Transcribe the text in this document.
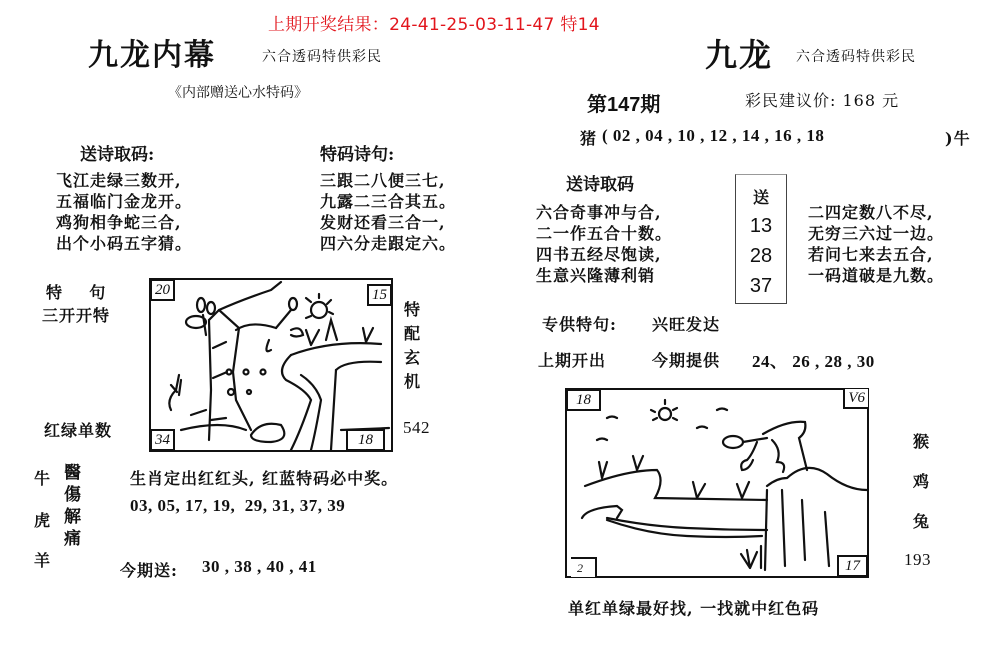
上期开奖结果：24-41-25-03-11-47 特14
九龙内幕	六合透码特供彩民
《内部赠送心水特码》
送诗取码:
飞江走绿三数开,
五福临门金龙开。
鸡狗相争蛇三合,
出个小码五字猜。
特码诗句:
三跟二八便三七,
九露二三合其五。
发财还看三合一,
四六分走跟定六。
特    句
三开开特
红绿单数
20	15
34	18
特
配
玄
机
542
牛
虎
羊
醫
傷
解
痛
生肖定出红红头, 红蓝特码必中奖。
03, 05, 17, 19,  29, 31, 37, 39
今期送: 30 , 38 , 40 , 41
九龙 六合透码特供彩民
第147期	彩民建议价: 168 元
猪 ( 02 , 04 , 10 , 12 , 14 , 16 , 18	)牛
送诗取码
六合奇事冲与合,
二一作五合十数。
四书五经尽饱读,
生意兴隆薄利销
送
13
28
37
二四定数八不尽,
无穷三六过一边。
若问七来去五合,
一码道破是九数。
专供特句: 兴旺发达
上期开出	今期提供 24、 26 , 28 , 30
18	V6
2	17
猴
鸡
兔
193
单红单绿最好找, 一找就中红色码
